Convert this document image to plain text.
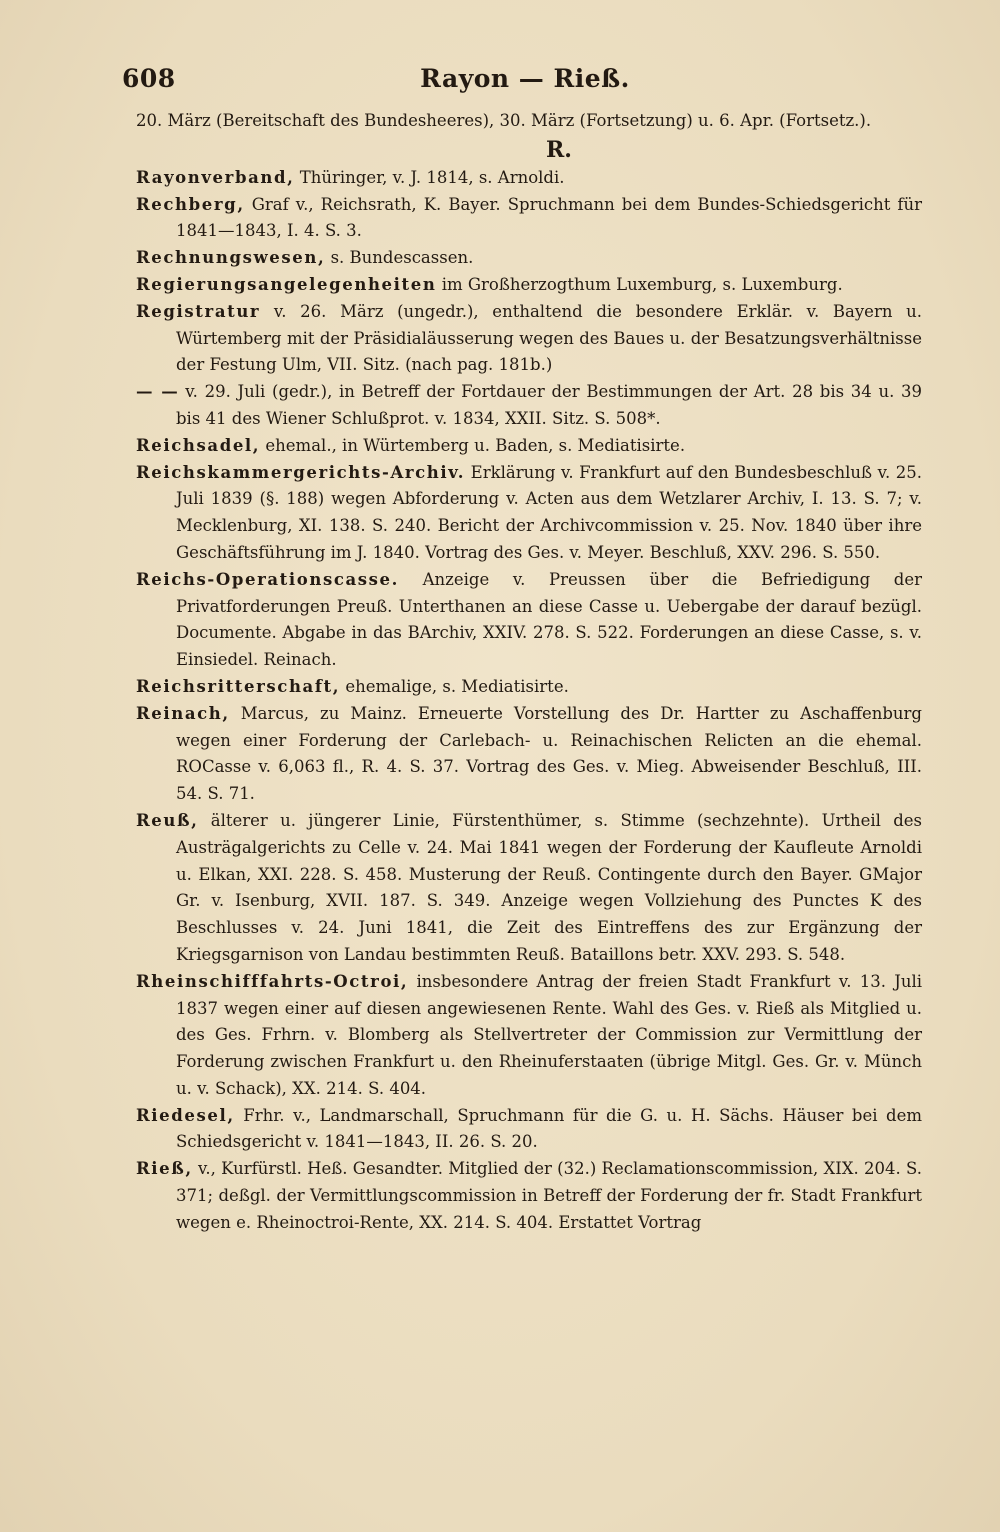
608	Rayon — Rieß.

20. März (Bereitschaft des Bundesheeres), 30. März (Fortsetzung) u. 6. Apr. (Fortsetz.).

R.

Rayonverband, Thüringer, v. J. 1814, s. Arnoldi.

Rechberg, Graf v., Reichsrath, K. Bayer. Spruchmann bei dem Bundes-Schiedsgericht für 1841—1843, I. 4. S. 3.

Rechnungswesen, s. Bundescassen.

Regierungsangelegenheiten im Großherzogthum Luxemburg, s. Luxemburg.

Registratur v. 26. März (ungedr.), enthaltend die besondere Erklär. v. Bayern u. Würtemberg mit der Präsidialäusserung wegen des Baues u. der Besatzungsverhältnisse der Festung Ulm, VII. Sitz. (nach pag. 181b.)

— — v. 29. Juli (gedr.), in Betreff der Fortdauer der Bestimmungen der Art. 28 bis 34 u. 39 bis 41 des Wiener Schlußprot. v. 1834, XXII. Sitz. S. 508*.

Reichsadel, ehemal., in Würtemberg u. Baden, s. Mediatisirte.

Reichskammergerichts-Archiv. Erklärung v. Frankfurt auf den Bundesbeschluß v. 25. Juli 1839 (§. 188) wegen Abforderung v. Acten aus dem Wetzlarer Archiv, I. 13. S. 7; v. Mecklenburg, XI. 138. S. 240. Bericht der Archivcommission v. 25. Nov. 1840 über ihre Geschäftsführung im J. 1840. Vortrag des Ges. v. Meyer. Beschluß, XXV. 296. S. 550.

Reichs-Operationscasse. Anzeige v. Preussen über die Befriedigung der Privatforderungen Preuß. Unterthanen an diese Casse u. Uebergabe der darauf bezügl. Documente. Abgabe in das BArchiv, XXIV. 278. S. 522. Forderungen an diese Casse, s. v. Einsiedel. Reinach.

Reichsritterschaft, ehemalige, s. Mediatisirte.

Reinach, Marcus, zu Mainz. Erneuerte Vorstellung des Dr. Hartter zu Aschaffenburg wegen einer Forderung der Carlebach- u. Reinachischen Relicten an die ehemal. ROCasse v. 6,063 fl., R. 4. S. 37. Vortrag des Ges. v. Mieg. Abweisender Beschluß, III. 54. S. 71.

Reuß, älterer u. jüngerer Linie, Fürstenthümer, s. Stimme (sechzehnte). Urtheil des Austrägalgerichts zu Celle v. 24. Mai 1841 wegen der Forderung der Kaufleute Arnoldi u. Elkan, XXI. 228. S. 458. Musterung der Reuß. Contingente durch den Bayer. GMajor Gr. v. Isenburg, XVII. 187. S. 349. Anzeige wegen Vollziehung des Punctes K des Beschlusses v. 24. Juni 1841, die Zeit des Eintreffens des zur Ergänzung der Kriegsgarnison von Landau bestimmten Reuß. Bataillons betr. XXV. 293. S. 548.

Rheinschifffahrts-Octroi, insbesondere Antrag der freien Stadt Frankfurt v. 13. Juli 1837 wegen einer auf diesen angewiesenen Rente. Wahl des Ges. v. Rieß als Mitglied u. des Ges. Frhrn. v. Blomberg als Stellvertreter der Commission zur Vermittlung der Forderung zwischen Frankfurt u. den Rheinuferstaaten (übrige Mitgl. Ges. Gr. v. Münch u. v. Schack), XX. 214. S. 404.

Riedesel, Frhr. v., Landmarschall, Spruchmann für die G. u. H. Sächs. Häuser bei dem Schiedsgericht v. 1841—1843, II. 26. S. 20.

Rieß, v., Kurfürstl. Heß. Gesandter. Mitglied der (32.) Reclamationscommission, XIX. 204. S. 371; deßgl. der Vermittlungscommission in Betreff der Forderung der fr. Stadt Frankfurt wegen e. Rheinoctroi-Rente, XX. 214. S. 404. Erstattet Vortrag
